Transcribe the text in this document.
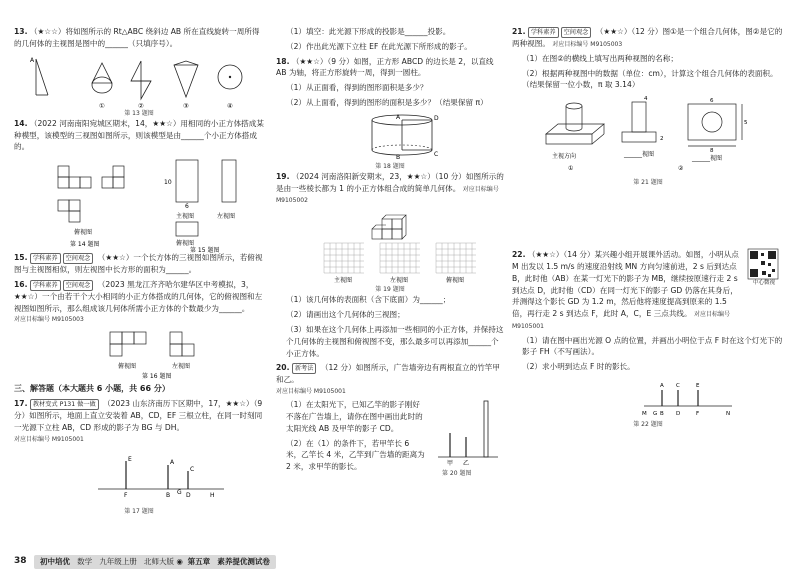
13. （★☆☆）将如图所示的 Rt△ABC 绕斜边 AB 所在直线旋转一周所得的几何体的主视图是图中的______（只填序号）。
A
①	②	③	④
第 13 题图
14. （2022 河南南阳宛城区期末，14，★★☆）用相同的小正方体搭成某种模型，该模型的三视图如图所示，则该模型是由______个小正方体搭成的。
俯视图
10
6
主视图	左视图
俯视图
第 14 题图
第 15 题图
15. 学科素养 空间观念 （★★☆）一个长方体的三视图如图所示，若俯视图与主视图相似，则左视图中长方形的面积为______。
16. 学科素养 空间观念 （2023 黑龙江齐齐哈尔建华区中考模拟，3，★★☆）一个由若干个大小相同的小正方体搭成的几何体，它的俯视图和左视图如图所示，那么组成该几何体所需小正方体的个数最少为______。
对应目标编号 M9105003
俯视图	左视图
第 16 题图
三、解答题（本大题共 6 小题，共 66 分）
17. 教材变式 P131 做一做 （2023 山东济南历下区期中，17，★★☆）（9 分）如图所示，地面上直立安装着 AB，CD，EF 三根立柱，在同一时刻同一光源下立柱 AB，CD 形成的影子为 BG 与 DH。
对应目标编号 M9105001
E	A
C
F	B G D	H
第 17 题图
（1）填空：此光源下形成的投影是______投影。
（2）作出此光源下立柱 EF 在此光源下所形成的影子。
18. （★★☆）（9 分）如图，正方形 ABCD 的边长是 2，以直线 AB 为轴，将正方形旋转一周，得到一圆柱。
（1）从正面看，得到的图形面积是多少？
（2）从上面看，得到的图形的面积是多少？（结果保留 π）
A
B	C
D
第 18 题图
19. （2024 河南洛阳新安期末，23，★★☆）（10 分）如图所示的是由一些棱长都为 1 的小正方体组合成的简单几何体。 对应目标编号 M9105002
主视图	左视图	俯视图
第 19 题图
（1）该几何体的表面积（含下底面）为______；
（2）请画出这个几何体的三视图；
（3）如果在这个几何体上再添加一些相同的小正方体，并保持这个几何体的主视图和俯视图不变，那么最多可以再添加______个小正方体。
20. 新考法 （12 分）如图所示，广告墙旁边有两根直立的竹竿甲和乙。
对应目标编号 M9105001
（1）在太阳光下，已知乙竿的影子刚好不落在广告墙上，请你在图中画出此时的太阳光线 AB 及甲竿的影子 CD。
（2）在（1）的条件下，若甲竿长 6 米，乙竿长 4 米，乙竿到广告墙的距离为 2 米，求甲竿的影长。	甲 乙
第 20 题图
21. 学科素养 空间观念 （★★☆）（12 分）图①是一个组合几何体，图②是它的两种视图。 对应目标编号 M9105003
（1）在图②的横线上填写出两种视图的名称；
（2）根据两种视图中的数据（单位：cm），计算这个组合几何体的表面积。（结果保留一位小数，π 取 3.14）
主视方向
①
4
2
8
5
6
______视图
______视图
②
第 21 题图
22. （★★☆）（14 分）某兴趣小组开展课外活动。如图，小明从点 M 出发以 1.5 m/s 的速度沿射线 MN 方向匀速前进，2 s 后到达点 B，此时他（AB）在某一灯光下的影子为 MB，继续按原速行走 2 s 到达点 D，此时他（CD）在同一灯光下的影子 GD 仍落在其身后，并测得这个影长 GD 为 1.2 m，然后他将速度提高到原来的 1.5 倍，再行走 2 s 到达点 F，此时 A，C，E 三点共线。 对应目标编号 M9105001
中心微视
（1）请在图中画出光源 O 点的位置，并画出小明位于点 F 时在这个灯光下的影子 FH（不写画法）。
（2）求小明到达点 F 时的影长。
A C	E
M G B D	F	N
第 22 题图
38	初中培优 数学 九年级上册 北师大版 ◉  第五章 素养提优测试卷
